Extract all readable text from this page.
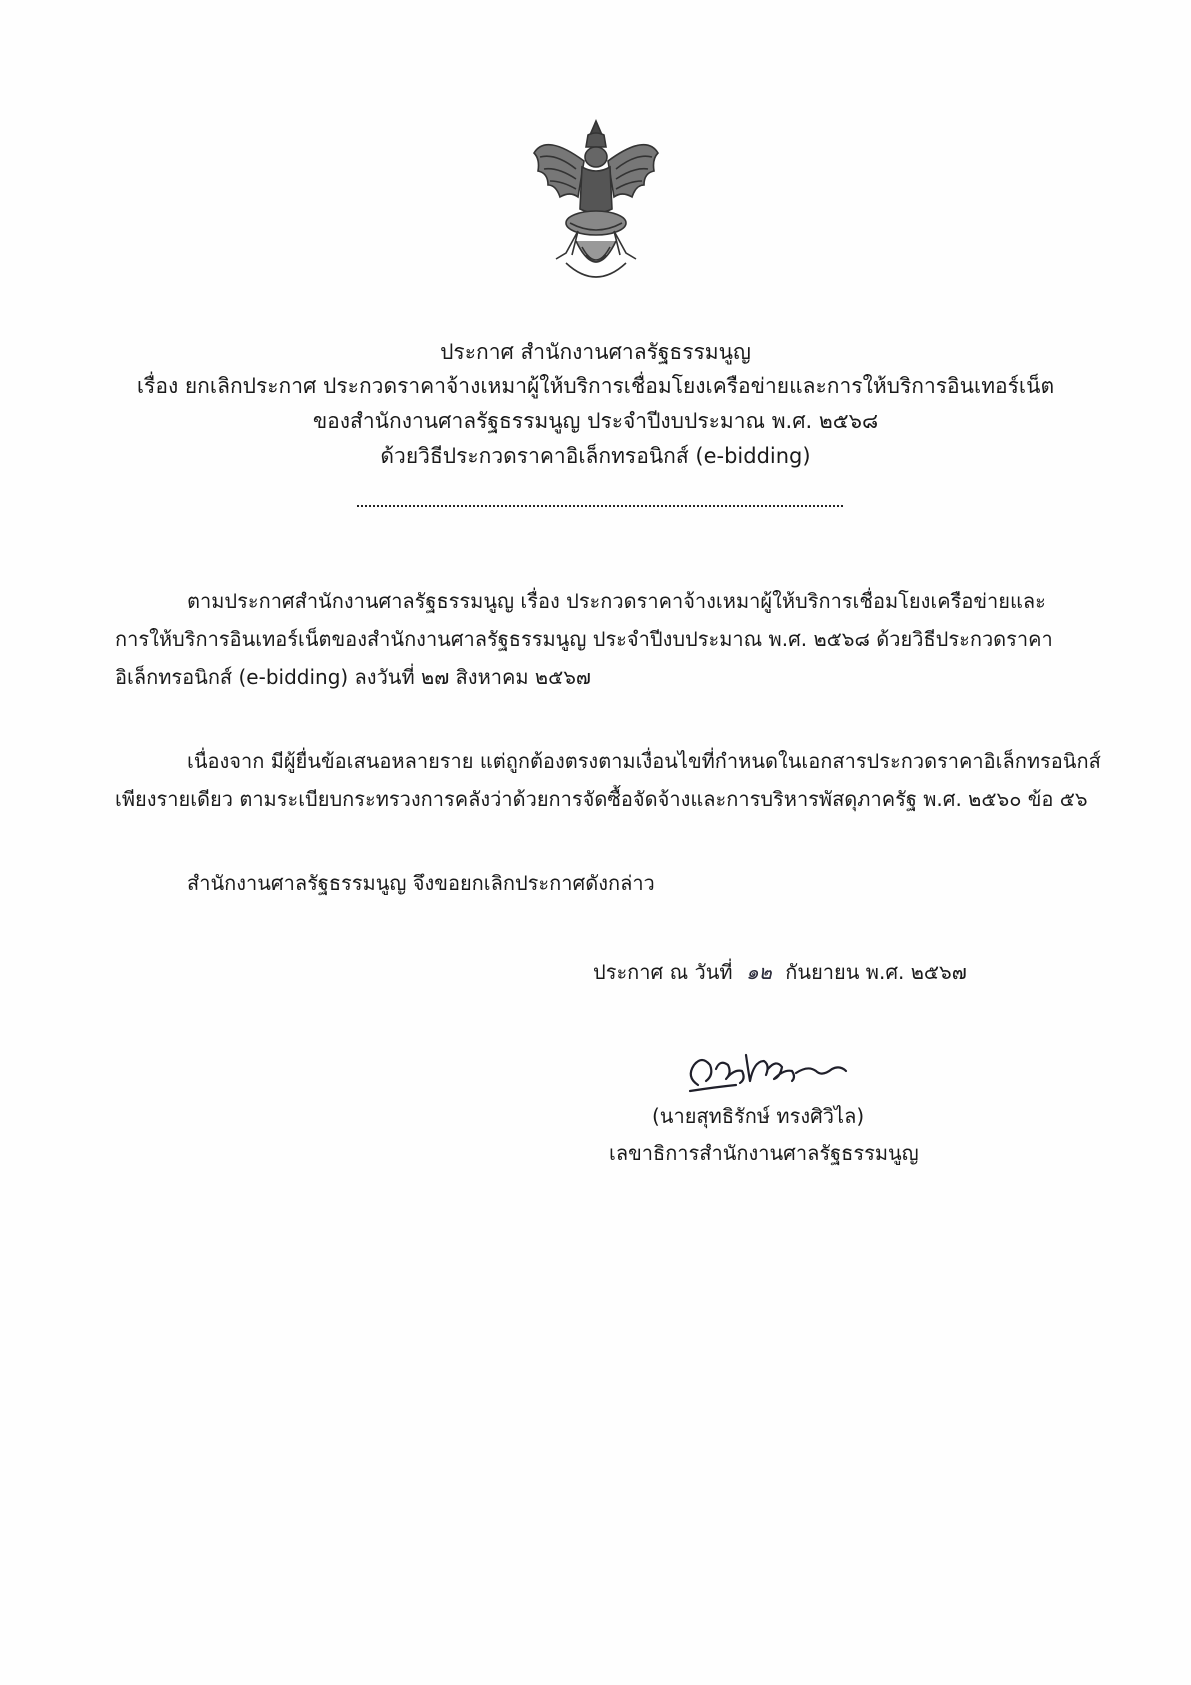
ประกาศ สำนักงานศาลรัฐธรรมนูญ
เรื่อง ยกเลิกประกาศ ประกวดราคาจ้างเหมาผู้ให้บริการเชื่อมโยงเครือข่ายและการให้บริการอินเทอร์เน็ต
ของสำนักงานศาลรัฐธรรมนูญ ประจำปีงบประมาณ พ.ศ. ๒๕๖๘
ด้วยวิธีประกวดราคาอิเล็กทรอนิกส์ (e-bidding)
ตามประกาศสำนักงานศาลรัฐธรรมนูญ เรื่อง ประกวดราคาจ้างเหมาผู้ให้บริการเชื่อมโยงเครือข่ายและ
การให้บริการอินเทอร์เน็ตของสำนักงานศาลรัฐธรรมนูญ ประจำปีงบประมาณ พ.ศ. ๒๕๖๘ ด้วยวิธีประกวดราคา
อิเล็กทรอนิกส์ (e-bidding) ลงวันที่ ๒๗ สิงหาคม ๒๕๖๗
เนื่องจาก มีผู้ยื่นข้อเสนอหลายราย แต่ถูกต้องตรงตามเงื่อนไขที่กำหนดในเอกสารประกวดราคาอิเล็กทรอนิกส์
เพียงรายเดียว ตามระเบียบกระทรวงการคลังว่าด้วยการจัดซื้อจัดจ้างและการบริหารพัสดุภาครัฐ พ.ศ. ๒๕๖๐ ข้อ ๕๖
สำนักงานศาลรัฐธรรมนูญ จึงขอยกเลิกประกาศดังกล่าว
ประกาศ ณ วันที่ ๑๒ กันยายน พ.ศ. ๒๕๖๗
(นายสุทธิรักษ์ ทรงศิวิไล)
เลขาธิการสำนักงานศาลรัฐธรรมนูญ
